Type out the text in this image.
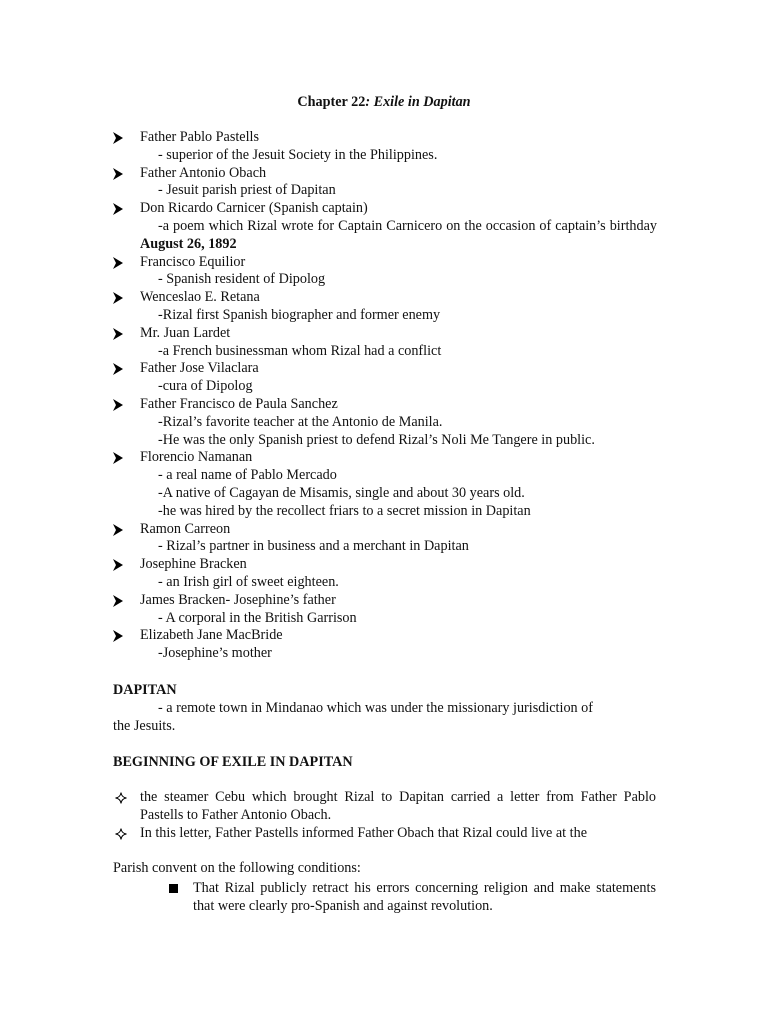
Chapter 22: Exile in Dapitan
Father Pablo Pastells
- superior of the Jesuit Society in the Philippines.
Father Antonio Obach
- Jesuit parish priest of Dapitan
Don Ricardo Carnicer (Spanish captain)
-a poem which Rizal wrote for Captain Carnicero on the occasion of captain’s birthday August 26, 1892
Francisco Equilior
- Spanish resident of Dipolog
Wenceslao E. Retana
-Rizal first Spanish biographer and former enemy
Mr. Juan Lardet
-a French businessman whom Rizal had a conflict
Father Jose Vilaclara
-cura of Dipolog
Father Francisco de Paula Sanchez
-Rizal’s favorite teacher at the Antonio de Manila.
-He was the only Spanish priest to defend Rizal’s Noli Me Tangere in public.
Florencio Namanan
- a real name of Pablo Mercado
-A native of Cagayan de Misamis, single and about 30 years old.
-he was hired by the recollect friars to a secret mission in Dapitan
Ramon Carreon
- Rizal’s partner in business and a merchant in Dapitan
Josephine Bracken
- an Irish girl of sweet eighteen.
James Bracken- Josephine’s father
- A corporal in the British Garrison
Elizabeth Jane MacBride
-Josephine’s mother
DAPITAN
- a remote town in Mindanao which was under the missionary jurisdiction of
the Jesuits.
BEGINNING OF EXILE IN DAPITAN
the steamer Cebu which brought Rizal to Dapitan carried a letter from Father Pablo Pastells to Father Antonio Obach.
In this letter, Father Pastells informed Father Obach that Rizal could live at the
Parish convent on the following conditions:
That Rizal publicly retract his errors concerning religion and make statements that were clearly pro-Spanish and against revolution.
